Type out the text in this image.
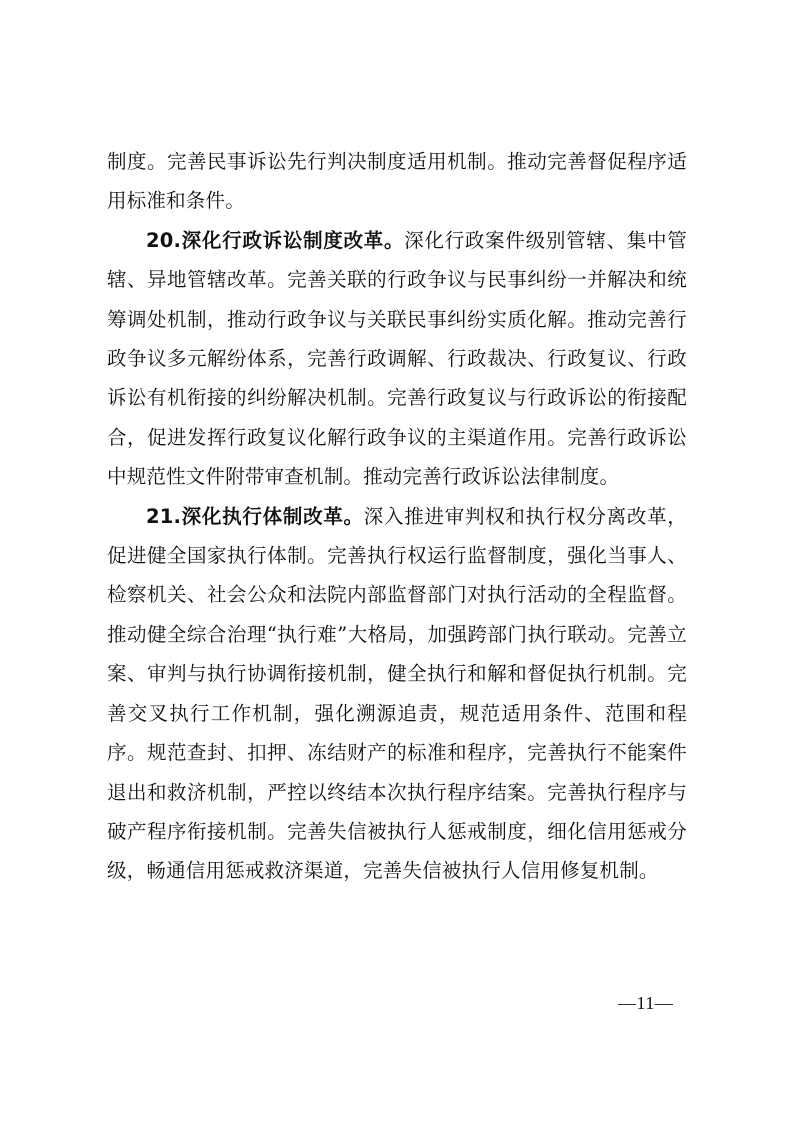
制度。完善民事诉讼先行判决制度适用机制。推动完善督促程序适用标准和条件。

20.深化行政诉讼制度改革。深化行政案件级别管辖、集中管辖、异地管辖改革。完善关联的行政争议与民事纠纷一并解决和统筹调处机制，推动行政争议与关联民事纠纷实质化解。推动完善行政争议多元解纷体系，完善行政调解、行政裁决、行政复议、行政诉讼有机衔接的纠纷解决机制。完善行政复议与行政诉讼的衔接配合，促进发挥行政复议化解行政争议的主渠道作用。完善行政诉讼中规范性文件附带审查机制。推动完善行政诉讼法律制度。

21.深化执行体制改革。深入推进审判权和执行权分离改革，促进健全国家执行体制。完善执行权运行监督制度，强化当事人、检察机关、社会公众和法院内部监督部门对执行活动的全程监督。推动健全综合治理“执行难”大格局，加强跨部门执行联动。完善立案、审判与执行协调衔接机制，健全执行和解和督促执行机制。完善交叉执行工作机制，强化溯源追责，规范适用条件、范围和程序。规范查封、扣押、冻结财产的标准和程序，完善执行不能案件退出和救济机制，严控以终结本次执行程序结案。完善执行程序与破产程序衔接机制。完善失信被执行人惩戒制度，细化信用惩戒分级，畅通信用惩戒救济渠道，完善失信被执行人信用修复机制。

—11—
